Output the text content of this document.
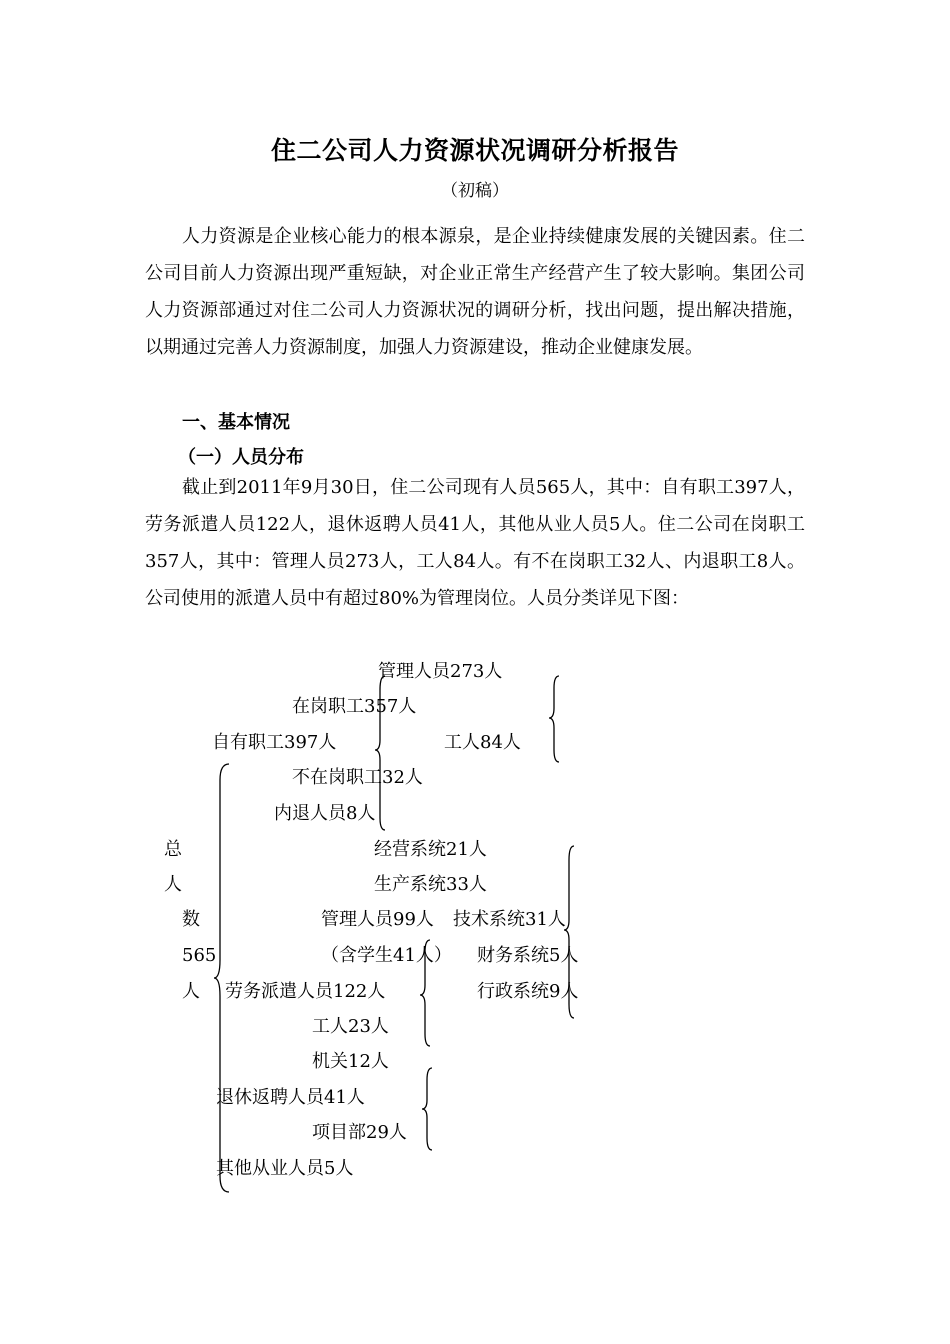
住二公司人力资源状况调研分析报告
（初稿）

人力资源是企业核心能力的根本源泉，是企业持续健康发展的关键因素。住二公司目前人力资源出现严重短缺，对企业正常生产经营产生了较大影响。集团公司人力资源部通过对住二公司人力资源状况的调研分析，找出问题，提出解决措施，以期通过完善人力资源制度，加强人力资源建设，推动企业健康发展。

一、基本情况
（一）人员分布

截止到2011年9月30日，住二公司现有人员565人，其中：自有职工397人，劳务派遣人员122人，退休返聘人员41人，其他从业人员5人。住二公司在岗职工357人，其中：管理人员273人，工人84人。有不在岗职工32人、内退职工8人。公司使用的派遣人员中有超过80%为管理岗位。人员分类详见下图：

管理人员273人
在岗职工357人
自有职工397人	工人84人
不在岗职工32人
内退人员8人
总
人
数
565
人
经营系统21人
生产系统33人
管理人员99人 技术系统31人
（含学生41人） 财务系统5人
劳务派遣人员122人	行政系统9人
工人23人
机关12人
退休返聘人员41人
项目部29人
其他从业人员5人
